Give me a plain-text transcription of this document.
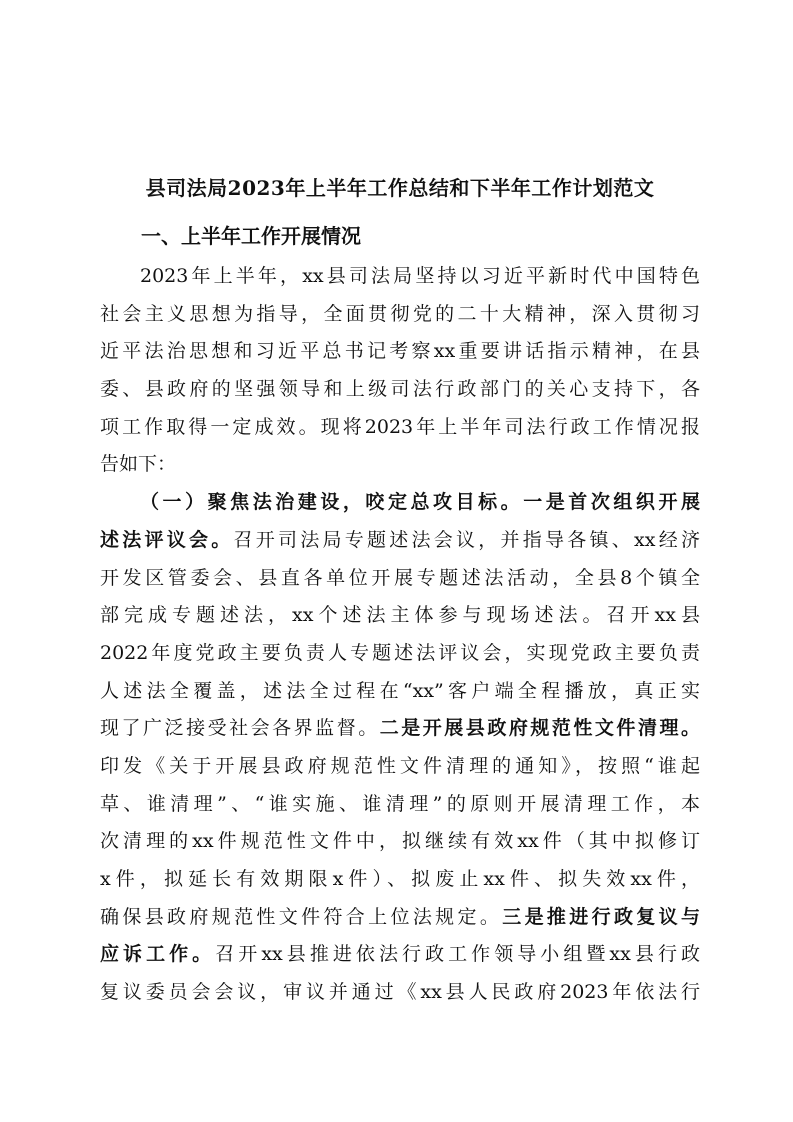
县司法局2023年上半年工作总结和下半年工作计划范文
一、上半年工作开展情况
2023年上半年，xx县司法局坚持以习近平新时代中国特色
社会主义思想为指导，全面贯彻党的二十大精神，深入贯彻习
近平法治思想和习近平总书记考察xx重要讲话指示精神，在县
委、县政府的坚强领导和上级司法行政部门的关心支持下，各
项工作取得一定成效。现将2023年上半年司法行政工作情况报
告如下：
（一）聚焦法治建设，咬定总攻目标。一是首次组织开展
述法评议会。召开司法局专题述法会议，并指导各镇、xx经济
开发区管委会、县直各单位开展专题述法活动，全县8个镇全
部完成专题述法，xx个述法主体参与现场述法。召开xx县
2022年度党政主要负责人专题述法评议会，实现党政主要负责
人述法全覆盖，述法全过程在“xx”客户端全程播放，真正实
现了广泛接受社会各界监督。二是开展县政府规范性文件清理。
印发《关于开展县政府规范性文件清理的通知》，按照“谁起
草、谁清理”、“谁实施、谁清理”的原则开展清理工作，本
次清理的xx件规范性文件中，拟继续有效xx件（其中拟修订
x件，拟延长有效期限x件）、拟废止xx件、拟失效xx件，
确保县政府规范性文件符合上位法规定。三是推进行政复议与
应诉工作。召开xx县推进依法行政工作领导小组暨xx县行政
复议委员会会议，审议并通过《xx县人民政府2023年依法行
